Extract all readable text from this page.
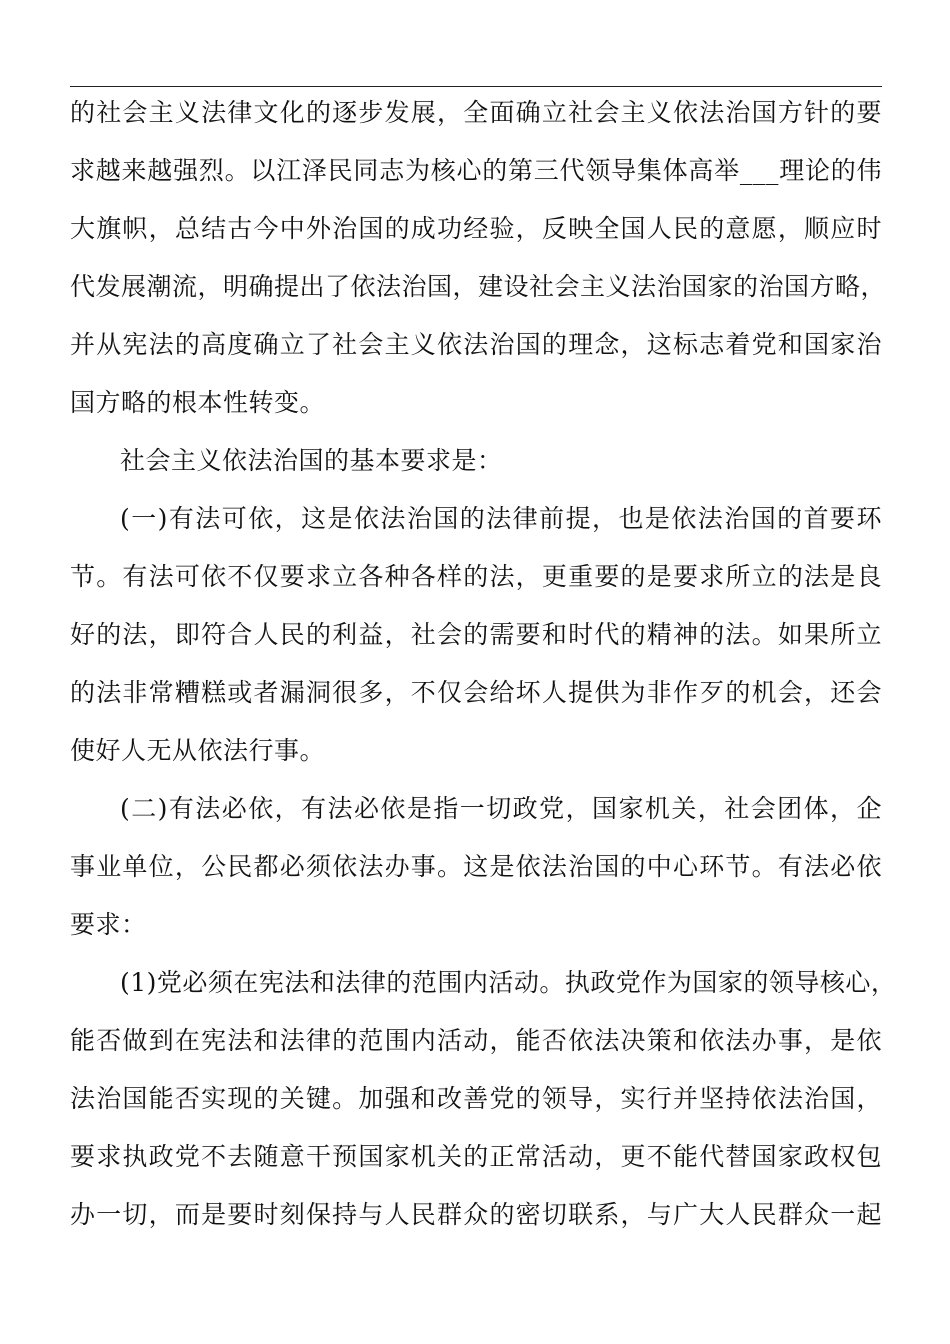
的社会主义法律文化的逐步发展，全面确立社会主义依法治国方针的要
求越来越强烈。以江泽民同志为核心的第三代领导集体高举___理论的伟
大旗帜，总结古今中外治国的成功经验，反映全国人民的意愿，顺应时
代发展潮流，明确提出了依法治国，建设社会主义法治国家的治国方略，
并从宪法的高度确立了社会主义依法治国的理念，这标志着党和国家治
国方略的根本性转变。
社会主义依法治国的基本要求是：
(一)有法可依，这是依法治国的法律前提，也是依法治国的首要环
节。有法可依不仅要求立各种各样的法，更重要的是要求所立的法是良
好的法，即符合人民的利益，社会的需要和时代的精神的法。如果所立
的法非常糟糕或者漏洞很多，不仅会给坏人提供为非作歹的机会，还会
使好人无从依法行事。
(二)有法必依，有法必依是指一切政党，国家机关，社会团体，企
事业单位，公民都必须依法办事。这是依法治国的中心环节。有法必依
要求：
(1)党必须在宪法和法律的范围内活动。执政党作为国家的领导核心，
能否做到在宪法和法律的范围内活动，能否依法决策和依法办事，是依
法治国能否实现的关键。加强和改善党的领导，实行并坚持依法治国，
要求执政党不去随意干预国家机关的正常活动，更不能代替国家政权包
办一切，而是要时刻保持与人民群众的密切联系，与广大人民群众一起
